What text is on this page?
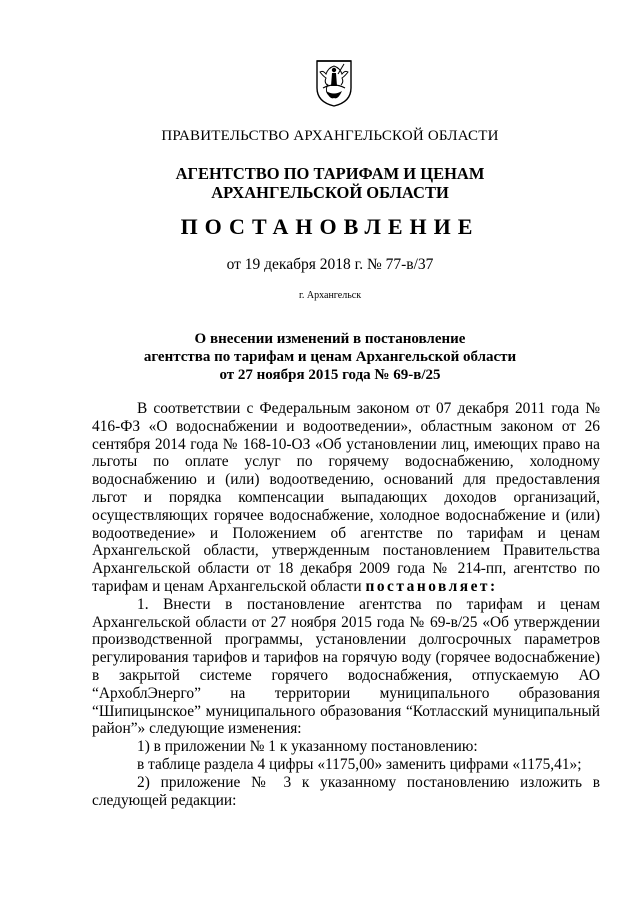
ПРАВИТЕЛЬСТВО АРХАНГЕЛЬСКОЙ ОБЛАСТИ
АГЕНТСТВО ПО ТАРИФАМ И ЦЕНАМ
АРХАНГЕЛЬСКОЙ ОБЛАСТИ
ПОСТАНОВЛЕНИЕ
от 19 декабря 2018 г. № 77-в/37
г. Архангельск
О внесении изменений в постановление
агентства по тарифам и ценам Архангельской области
от 27 ноября 2015 года № 69-в/25

В соответствии с Федеральным законом от 07 декабря 2011 года № 416-ФЗ «О водоснабжении и водоотведении», областным законом от 26 сентября 2014 года № 168-10-ОЗ «Об установлении лиц, имеющих право на льготы по оплате услуг по горячему водоснабжению, холодному водоснабжению и (или) водоотведению, оснований для предоставления льгот и порядка компенсации выпадающих доходов организаций, осуществляющих горячее водоснабжение, холодное водоснабжение и (или) водоотведение» и Положением об агентстве по тарифам и ценам Архангельской области, утвержденным постановлением Правительства Архангельской области от 18 декабря 2009 года № 214-пп, агентство по тарифам и ценам Архангельской области постановляет:

1. Внести в постановление агентства по тарифам и ценам Архангельской области от 27 ноября 2015 года № 69-в/25 «Об утверждении производственной программы, установлении долгосрочных параметров регулирования тарифов и тарифов на горячую воду (горячее водоснабжение) в закрытой системе горячего водоснабжения, отпускаемую АО “АрхоблЭнерго” на территории муниципального образования “Шипицынское” муниципального образования “Котласский муниципальный район”» следующие изменения:

1) в приложении № 1 к указанному постановлению:

в таблице раздела 4 цифры «1175,00» заменить цифрами «1175,41»;

2) приложение № 3 к указанному постановлению изложить в следующей редакции:
